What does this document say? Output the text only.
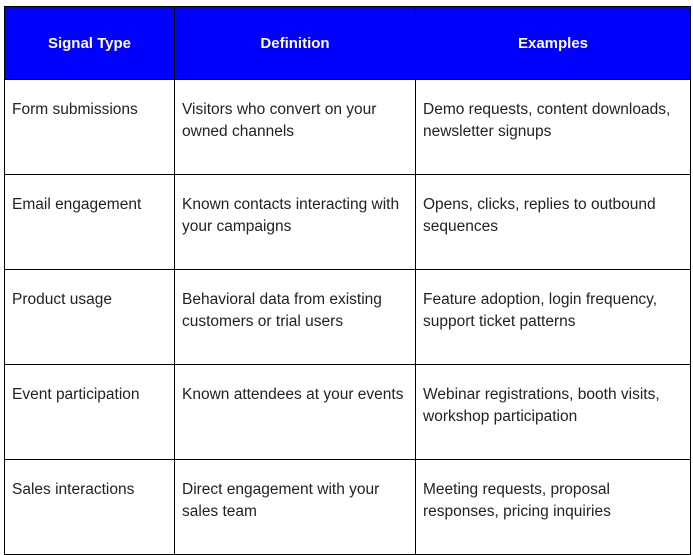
Signal Type	Definition	Examples

Form submissions	Visitors who convert on your owned channels	Demo requests, content downloads, newsletter signups

Email engagement	Known contacts interacting with your campaigns	Opens, clicks, replies to outbound sequences

Product usage	Behavioral data from existing customers or trial users	Feature adoption, login frequency, support ticket patterns

Event participation	Known attendees at your events	Webinar registrations, booth visits, workshop participation

Sales interactions	Direct engagement with your sales team	Meeting requests, proposal responses, pricing inquiries
